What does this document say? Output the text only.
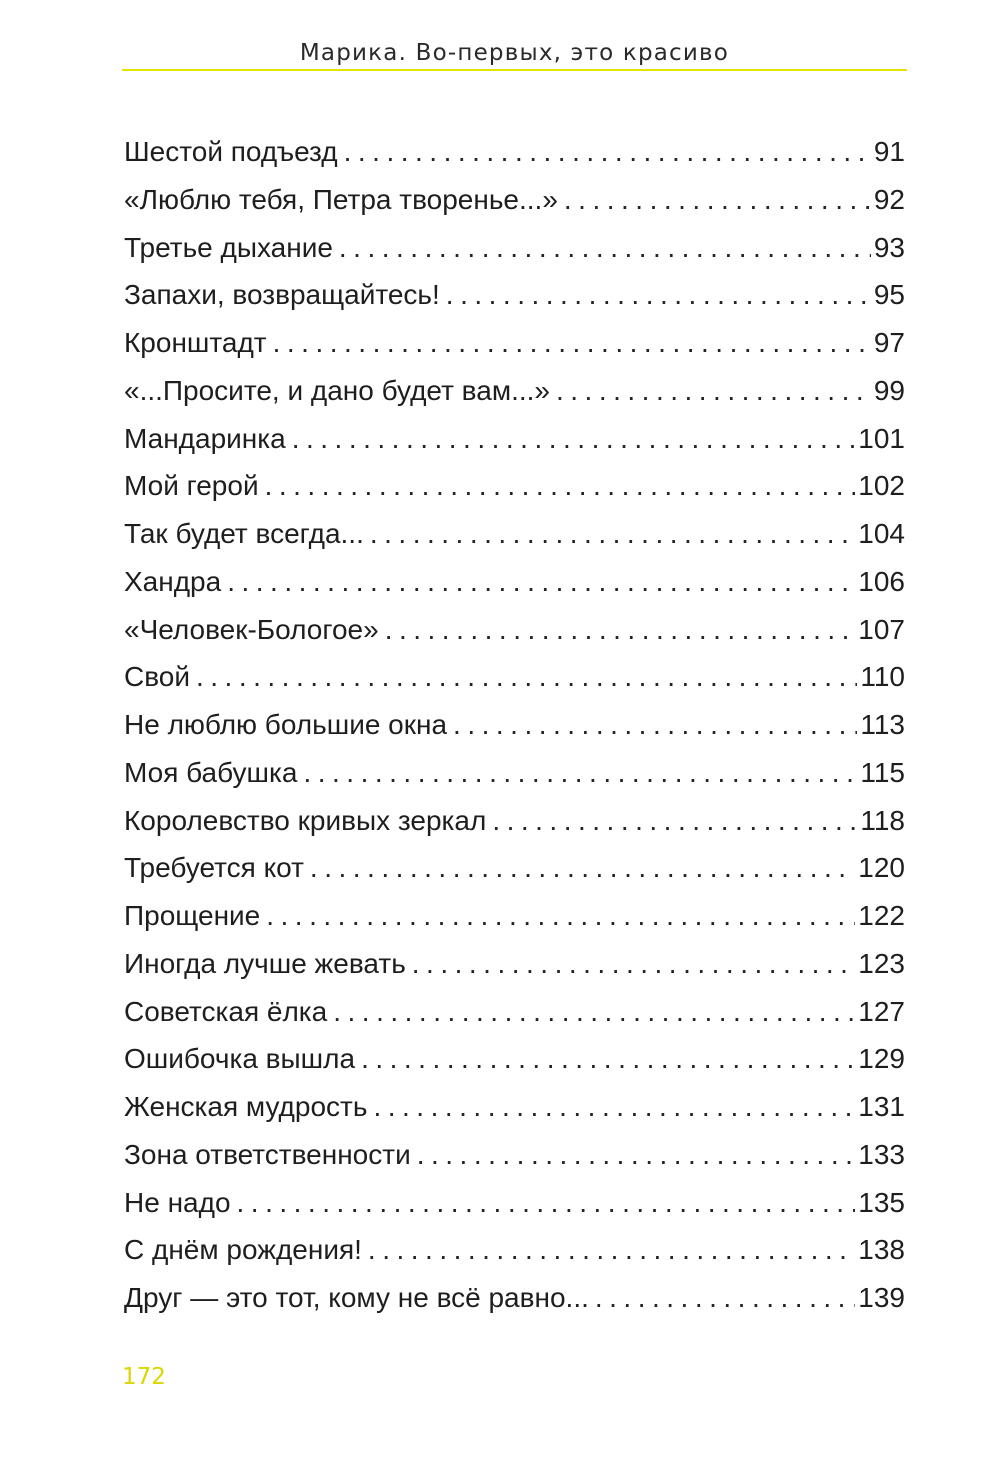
Марика. Во-первых, это красиво
Шестой подъезд .....	91
«Люблю тебя, Петра творенье...» .....	92
Третье дыхание .....	93
Запахи, возвращайтесь! .....	95
Кронштадт .....	97
«...Просите, и дано будет вам...» .....	99
Мандаринка .....	101
Мой герой .....	102
Так будет всегда... .....	104
Хандра .....	106
«Человек-Бологое» .....	107
Свой .....	110
Не люблю большие окна .....	113
Моя бабушка .....	115
Королевство кривых зеркал .....	118
Требуется кот .....	120
Прощение .....	122
Иногда лучше жевать .....	123
Советская ёлка .....	127
Ошибочка вышла .....	129
Женская мудрость .....	131
Зона ответственности .....	133
Не надо .....	135
С днём рождения! .....	138
Друг — это тот, кому не всё равно... .....	139
172
